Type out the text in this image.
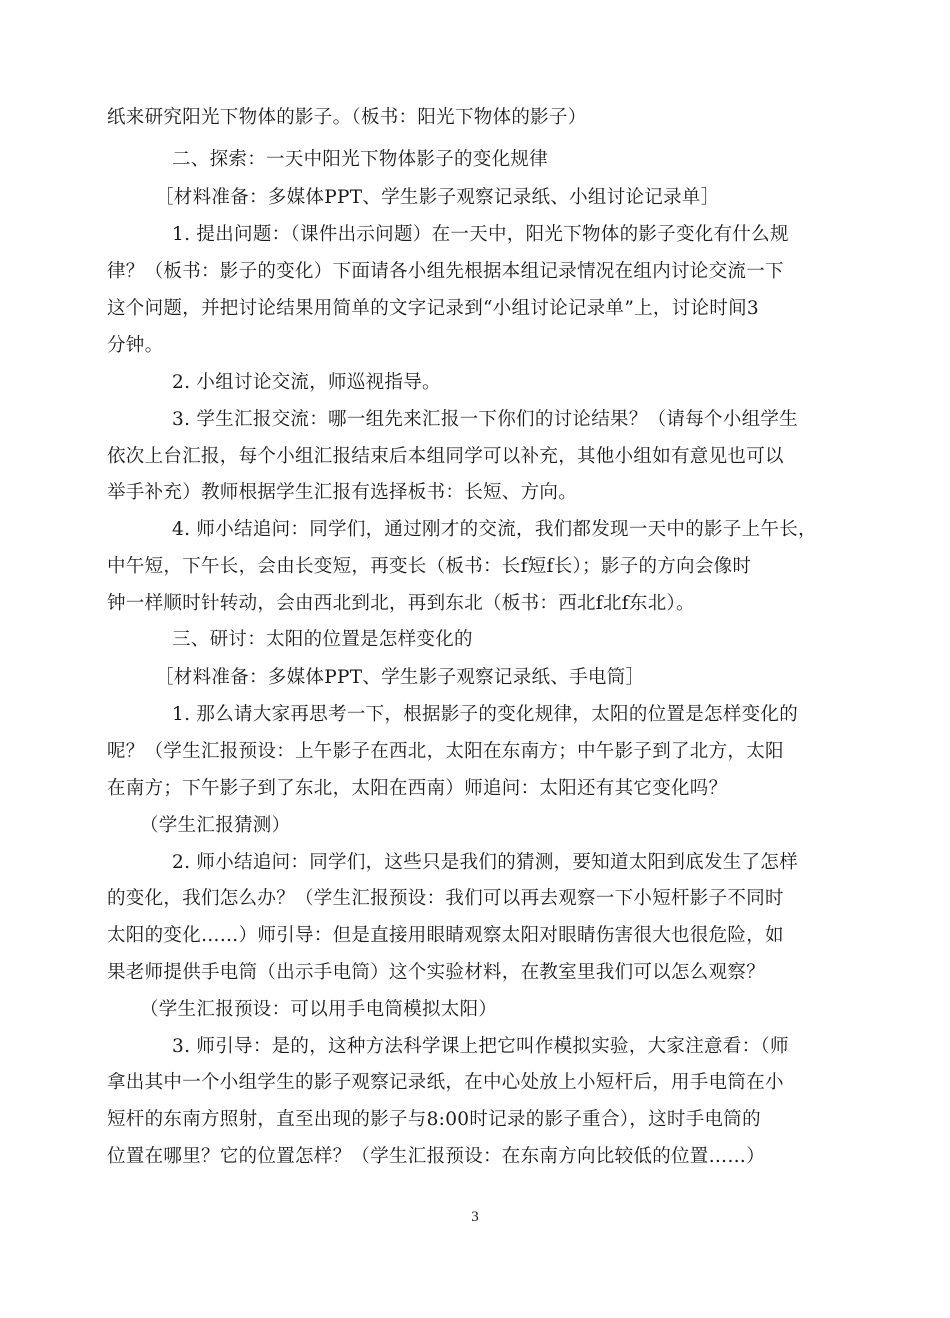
纸来研究阳光下物体的影子。（板书：阳光下物体的影子）
二、探索：一天中阳光下物体影子的变化规律
［材料准备：多媒体PPT、学生影子观察记录纸、小组讨论记录单］
1. 提出问题：（课件出示问题）在一天中，阳光下物体的影子变化有什么规
律？（板书：影子的变化）下面请各小组先根据本组记录情况在组内讨论交流一下
这个问题，并把讨论结果用简单的文字记录到“小组讨论记录单”上，讨论时间3
分钟。
2. 小组讨论交流，师巡视指导。
3. 学生汇报交流：哪一组先来汇报一下你们的讨论结果？（请每个小组学生
依次上台汇报，每个小组汇报结束后本组同学可以补充，其他小组如有意见也可以
举手补充）教师根据学生汇报有选择板书：长短、方向。
4. 师小结追问：同学们，通过刚才的交流，我们都发现一天中的影子上午长，
中午短，下午长，会由长变短，再变长（板书：长f短f长）；影子的方向会像时
钟一样顺时针转动，会由西北到北，再到东北（板书：西北f北f东北）。
三、研讨：太阳的位置是怎样变化的
［材料准备：多媒体PPT、学生影子观察记录纸、手电筒］
1. 那么请大家再思考一下，根据影子的变化规律，太阳的位置是怎样变化的
呢？（学生汇报预设：上午影子在西北，太阳在东南方；中午影子到了北方，太阳
在南方；下午影子到了东北，太阳在西南）师追问：太阳还有其它变化吗？
（学生汇报猜测）
2. 师小结追问：同学们，这些只是我们的猜测，要知道太阳到底发生了怎样
的变化，我们怎么办？（学生汇报预设：我们可以再去观察一下小短杆影子不同时
太阳的变化……）师引导：但是直接用眼睛观察太阳对眼睛伤害很大也很危险，如
果老师提供手电筒（出示手电筒）这个实验材料，在教室里我们可以怎么观察？
（学生汇报预设：可以用手电筒模拟太阳）
3. 师引导：是的，这种方法科学课上把它叫作模拟实验，大家注意看：（师
拿出其中一个小组学生的影子观察记录纸，在中心处放上小短杆后，用手电筒在小
短杆的东南方照射，直至出现的影子与8:00时记录的影子重合），这时手电筒的
位置在哪里？它的位置怎样？（学生汇报预设：在东南方向比较低的位置……）
3
